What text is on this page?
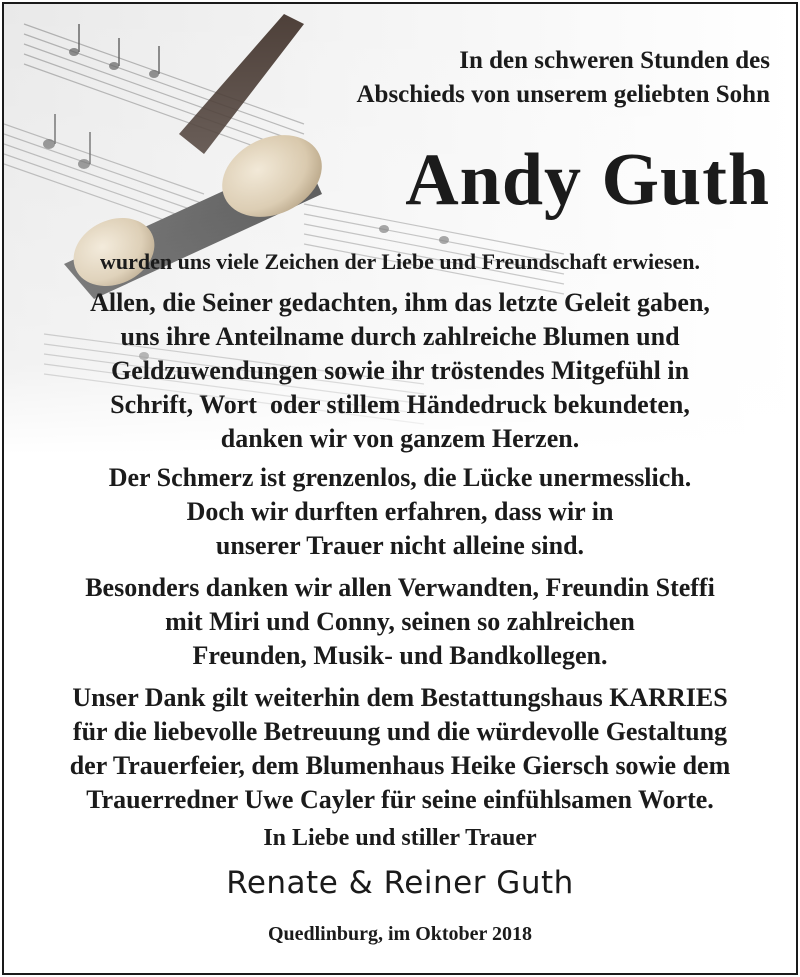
In den schweren Stunden des
Abschieds von unserem geliebten Sohn
Andy Guth
wurden uns viele Zeichen der Liebe und Freundschaft erwiesen.
Allen, die Seiner gedachten, ihm das letzte Geleit gaben,
uns ihre Anteilname durch zahlreiche Blumen und
Geldzuwendungen sowie ihr tröstendes Mitgefühl in
Schrift, Wort  oder stillem Händedruck bekundeten,
danken wir von ganzem Herzen.
Der Schmerz ist grenzenlos, die Lücke unermesslich.
Doch wir durften erfahren, dass wir in
unserer Trauer nicht alleine sind.
Besonders danken wir allen Verwandten, Freundin Steffi
mit Miri und Conny, seinen so zahlreichen
Freunden, Musik- und Bandkollegen.
Unser Dank gilt weiterhin dem Bestattungshaus KARRIES
für die liebevolle Betreuung und die würdevolle Gestaltung
der Trauerfeier, dem Blumenhaus Heike Giersch sowie dem
Trauerredner Uwe Cayler für seine einfühlsamen Worte.
In Liebe und stiller Trauer
Renate & Reiner Guth
Quedlinburg, im Oktober 2018
